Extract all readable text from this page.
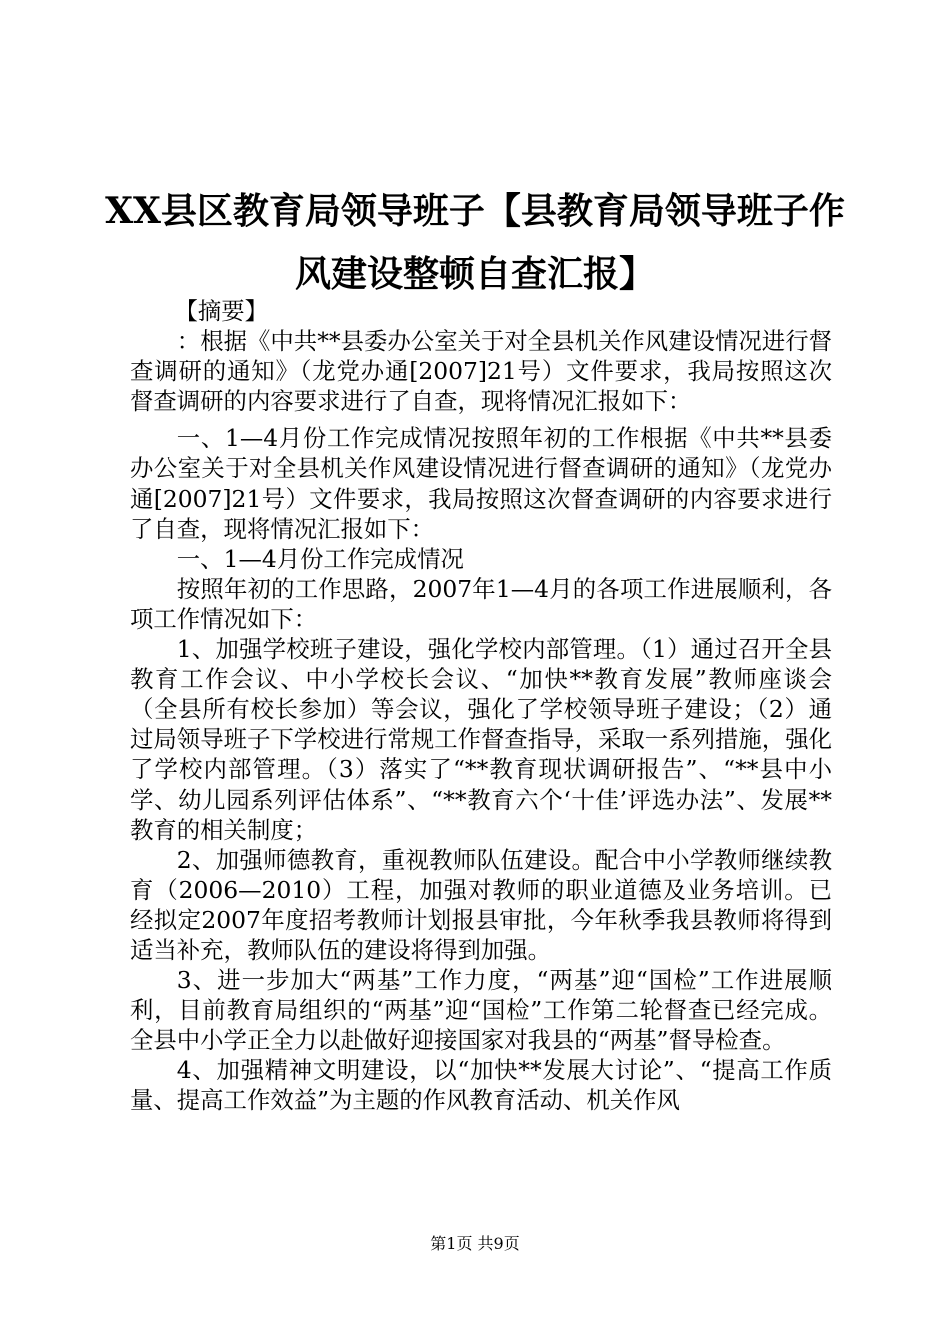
XX县区教育局领导班子【县教育局领导班子作风建设整顿自查汇报】

【摘要】

：根据《中共**县委办公室关于对全县机关作风建设情况进行督查调研的通知》（龙党办通[2007]21号）文件要求，我局按照这次督查调研的内容要求进行了自查，现将情况汇报如下：

一、1—4月份工作完成情况按照年初的工作根据《中共**县委办公室关于对全县机关作风建设情况进行督查调研的通知》（龙党办通[2007]21号）文件要求，我局按照这次督查调研的内容要求进行了自查，现将情况汇报如下：

一、1—4月份工作完成情况

按照年初的工作思路，2007年1—4月的各项工作进展顺利，各项工作情况如下：

1、加强学校班子建设，强化学校内部管理。（1）通过召开全县教育工作会议、中小学校长会议、“加快**教育发展”教师座谈会（全县所有校长参加）等会议，强化了学校领导班子建设；（2）通过局领导班子下学校进行常规工作督查指导，采取一系列措施，强化了学校内部管理。（3）落实了“**教育现状调研报告”、“**县中小学、幼儿园系列评估体系”、“**教育六个‘十佳’评选办法”、发展**教育的相关制度；

2、加强师德教育，重视教师队伍建设。配合中小学教师继续教育（2006—2010）工程，加强对教师的职业道德及业务培训。已经拟定2007年度招考教师计划报县审批，今年秋季我县教师将得到适当补充，教师队伍的建设将得到加强。

3、进一步加大“两基”工作力度，“两基”迎“国检”工作进展顺利，目前教育局组织的“两基”迎“国检”工作第二轮督查已经完成。全县中小学正全力以赴做好迎接国家对我县的“两基”督导检查。

4、加强精神文明建设，以“加快**发展大讨论”、“提高工作质量、提高工作效益”为主题的作风教育活动、机关作风

第1页 共9页
